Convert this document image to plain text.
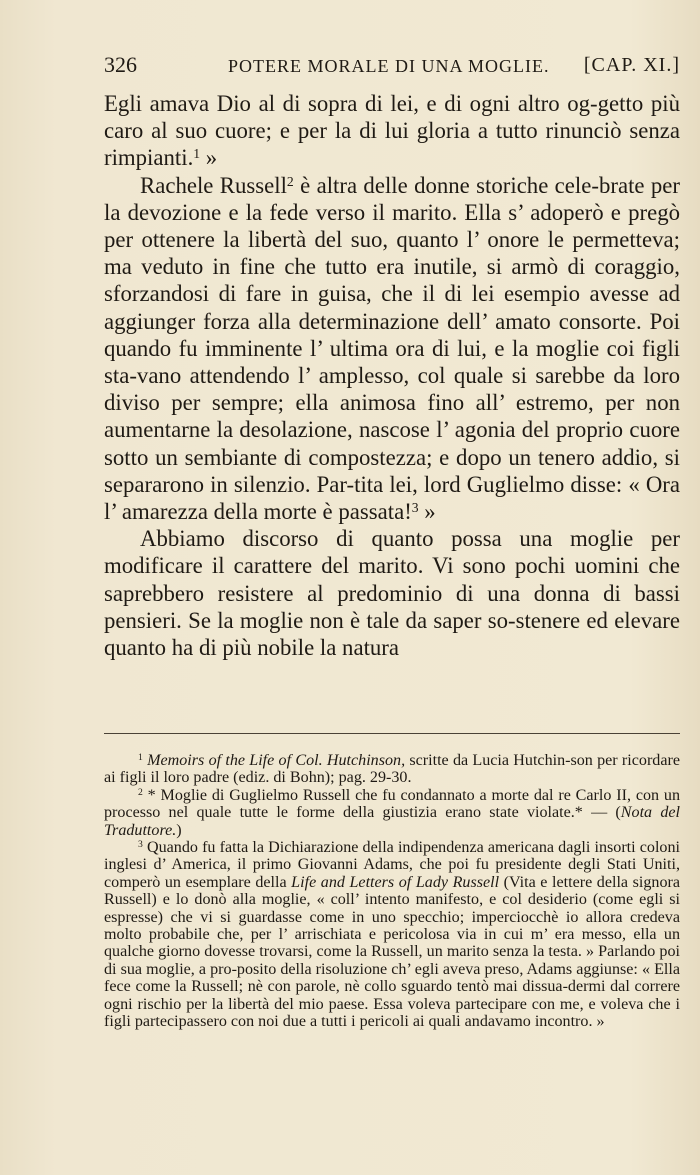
326	POTERE MORALE DI UNA MOGLIE. [CAP. XI.]

Egli amava Dio al di sopra di lei, e di ogni altro og-getto più caro al suo cuore; e per la di lui gloria a tutto rinunciò senza rimpianti.$^1$ »

Rachele Russell$^2$ è altra delle donne storiche cele-brate per la devozione e la fede verso il marito. Ella s’ adoperò e pregò per ottenere la libertà del suo, quanto l’ onore le permetteva; ma veduto in fine che tutto era inutile, si armò di coraggio, sforzandosi di fare in guisa, che il di lei esempio avesse ad aggiunger forza alla determinazione dell’ amato consorte. Poi quando fu imminente l’ ultima ora di lui, e la moglie coi figli sta-vano attendendo l’ amplesso, col quale si sarebbe da loro diviso per sempre; ella animosa fino all’ estremo, per non aumentarne la desolazione, nascose l’ agonia del proprio cuore sotto un sembiante di compostezza; e dopo un tenero addio, si separarono in silenzio. Par-tita lei, lord Guglielmo disse: « Ora l’ amarezza della morte è passata!$^3$ »

Abbiamo discorso di quanto possa una moglie per modificare il carattere del marito. Vi sono pochi uomini che saprebbero resistere al predominio di una donna di bassi pensieri. Se la moglie non è tale da saper so-stenere ed elevare quanto ha di più nobile la natura

$^1$ Memoirs of the Life of Col. Hutchinson, scritte da Lucia Hutchin-son per ricordare ai figli il loro padre (ediz. di Bohn); pag. 29-30.

$^2$ * Moglie di Guglielmo Russell che fu condannato a morte dal re Carlo II, con un processo nel quale tutte le forme della giustizia erano state violate.* — (Nota del Traduttore.)

$^3$ Quando fu fatta la Dichiarazione della indipendenza americana dagli insorti coloni inglesi d’ America, il primo Giovanni Adams, che poi fu presidente degli Stati Uniti, comperò un esemplare della Life and Letters of Lady Russell (Vita e lettere della signora Russell) e lo donò alla moglie, « coll’ intento manifesto, e col desiderio (come egli si espresse) che vi si guardasse come in uno specchio; imperciocchè io allora credeva molto probabile che, per l’ arrischiata e pericolosa via in cui m’ era messo, ella un qualche giorno dovesse trovarsi, come la Russell, un marito senza la testa. » Parlando poi di sua moglie, a pro-posito della risoluzione ch’ egli aveva preso, Adams aggiunse: « Ella fece come la Russell; nè con parole, nè collo sguardo tentò mai dissua-dermi dal correre ogni rischio per la libertà del mio paese. Essa voleva partecipare con me, e voleva che i figli partecipassero con noi due a tutti i pericoli ai quali andavamo incontro. »
